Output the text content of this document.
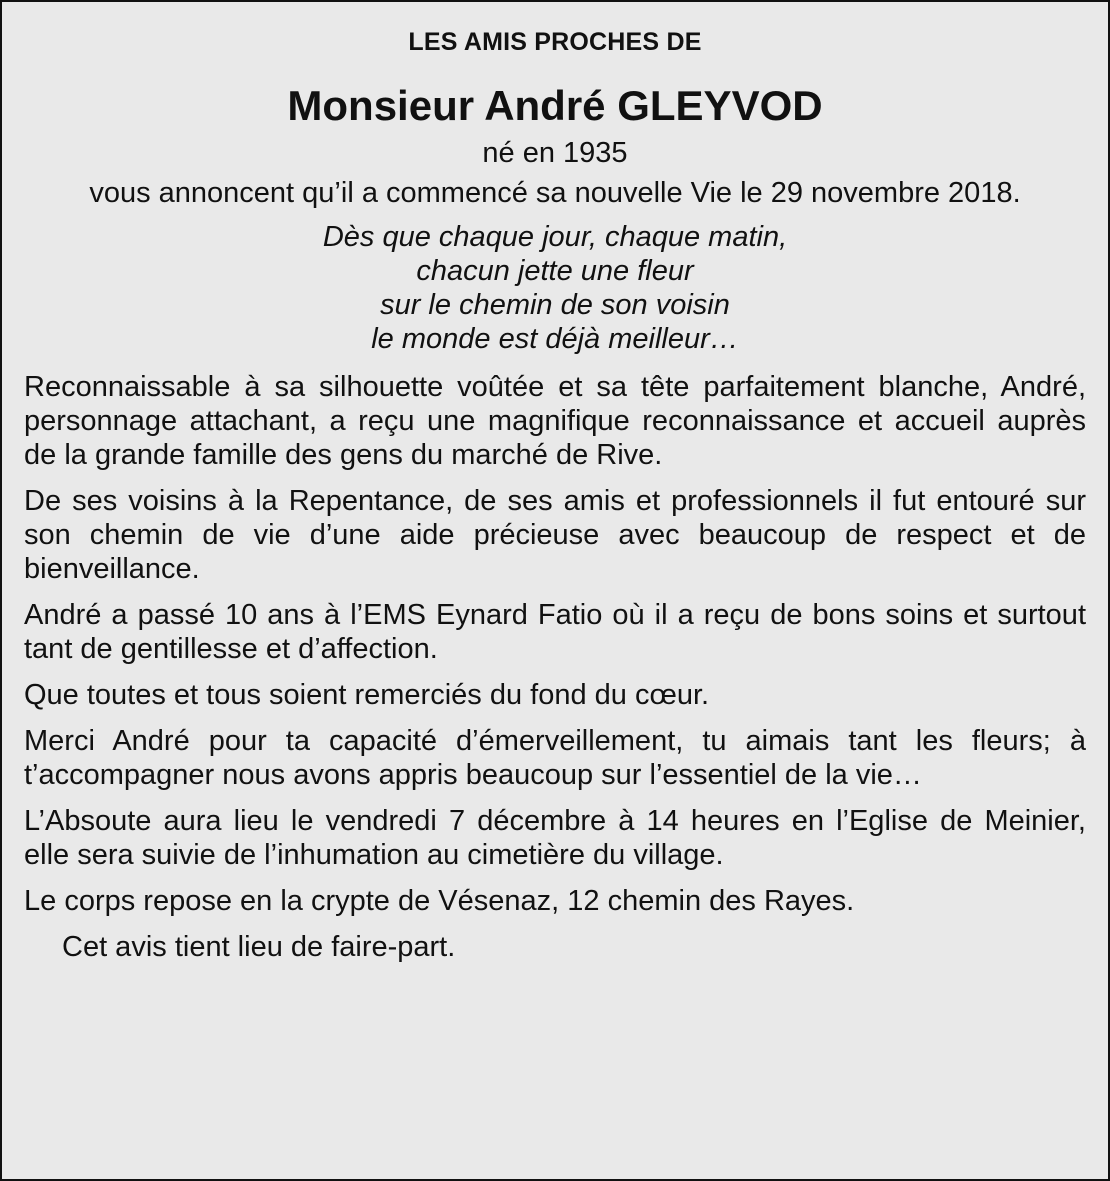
LES AMIS PROCHES DE
Monsieur André GLEYVOD
né en 1935
vous annoncent qu’il a commencé sa nouvelle Vie le 29 novembre 2018.
Dès que chaque jour, chaque matin,
chacun jette une fleur
sur le chemin de son voisin
le monde est déjà meilleur…

Reconnaissable à sa silhouette voûtée et sa tête parfaitement blanche, André, personnage attachant, a reçu une magnifique reconnaissance et accueil auprès de la grande famille des gens du marché de Rive.

De ses voisins à la Repentance, de ses amis et professionnels il fut entouré sur son chemin de vie d’une aide précieuse avec beaucoup de respect et de bienveillance.

André a passé 10 ans à l’EMS Eynard Fatio où il a reçu de bons soins et surtout tant de gentillesse et d’affection.

Que toutes et tous soient remerciés du fond du cœur.

Merci André pour ta capacité d’émerveillement, tu aimais tant les fleurs; à t’accompagner nous avons appris beaucoup sur l’essentiel de la vie…

L’Absoute aura lieu le vendredi 7 décembre à 14 heures en l’Eglise de Meinier, elle sera suivie de l’inhumation au cimetière du village.

Le corps repose en la crypte de Vésenaz, 12 chemin des Rayes.

Cet avis tient lieu de faire-part.
